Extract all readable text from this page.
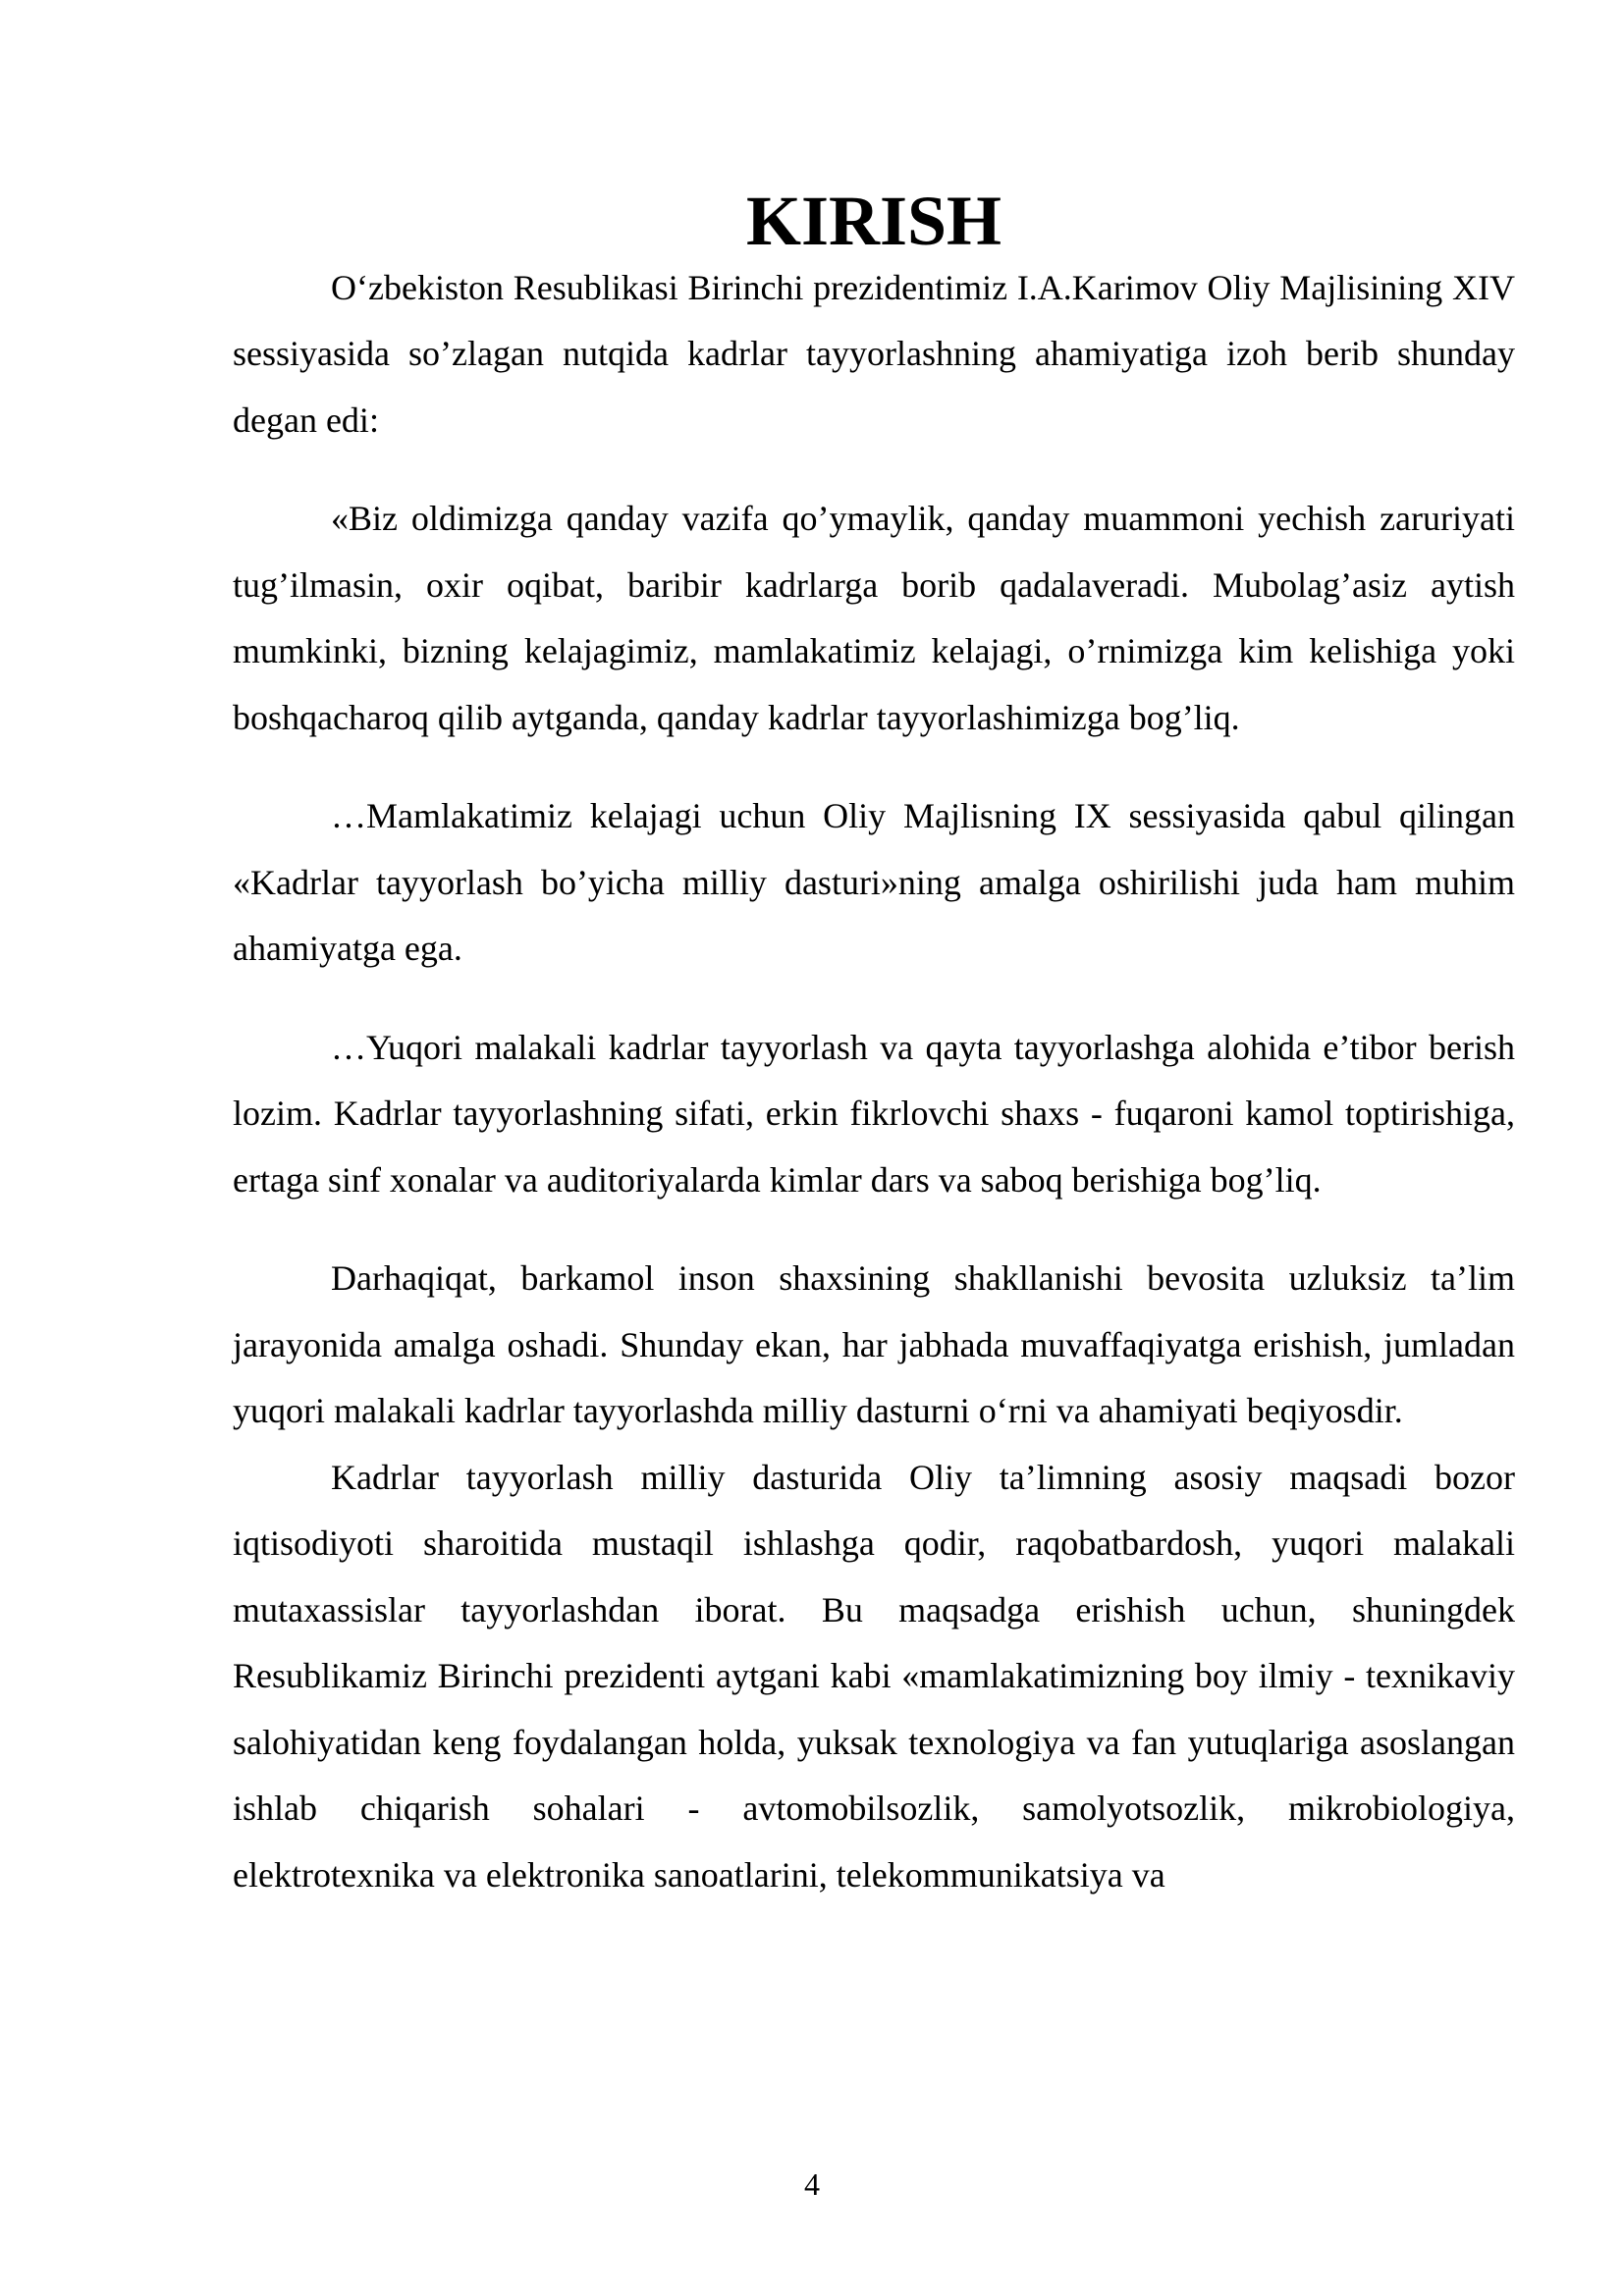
KIRISH

O‘zbekiston Resublikasi Birinchi prezidentimiz I.A.Karimov Oliy Majlisining XIV sessiyasida so’zlagan nutqida kadrlar tayyorlashning ahamiyatiga izoh berib shunday degan edi:

«Biz oldimizga qanday vazifa qo’ymaylik, qanday muammoni yechish zaruriyati tug’ilmasin, oxir oqibat, baribir kadrlarga borib qadalaveradi. Mubolag’asiz aytish mumkinki, bizning kelajagimiz, mamlakatimiz kelajagi, o’rnimizga kim kelishiga yoki boshqacharoq qilib aytganda, qanday kadrlar tayyorlashimizga bog’liq.

…Mamlakatimiz kelajagi uchun Oliy Majlisning IX sessiyasida qabul qilingan «Kadrlar tayyorlash bo’yicha milliy dasturi»ning amalga oshirilishi juda ham muhim ahamiyatga ega.

…Yuqori malakali kadrlar tayyorlash va qayta tayyorlashga alohida e’tibor berish lozim. Kadrlar tayyorlashning sifati, erkin fikrlovchi shaxs - fuqaroni kamol toptirishiga, ertaga sinf xonalar va auditoriyalarda kimlar dars va saboq berishiga bog’liq.

Darhaqiqat, barkamol inson shaxsining shakllanishi bevosita uzluksiz ta’lim jarayonida amalga oshadi. Shunday ekan, har jabhada muvaffaqiyatga erishish, jumladan yuqori malakali kadrlar tayyorlashda milliy dasturni o‘rni va ahamiyati beqiyosdir.

Kadrlar tayyorlash milliy dasturida Oliy ta’limning asosiy maqsadi bozor iqtisodiyoti sharoitida mustaqil ishlashga qodir, raqobatbardosh, yuqori malakali mutaxassislar tayyorlashdan iborat. Bu maqsadga erishish uchun, shuningdek Resublikamiz Birinchi prezidenti aytgani kabi «mamlakatimizning boy ilmiy - texnikaviy salohiyatidan keng foydalangan holda, yuksak texnologiya va fan yutuqlariga asoslangan ishlab chiqarish sohalari - avtomobilsozlik, samolyotsozlik, mikrobiologiya, elektrotexnika va elektronika sanoatlarini, telekommunikatsiya va

4
